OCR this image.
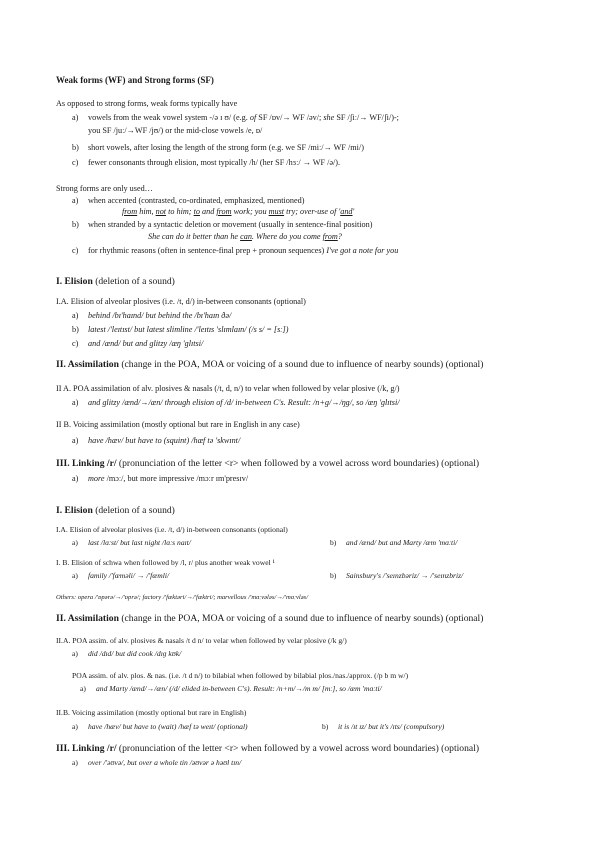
Weak forms (WF) and Strong forms (SF)
As opposed to strong forms, weak forms typically have
a) vowels from the weak vowel system -/ə ɪ ʊ/ (e.g. of SF /ɒv/→ WF /əv/; she SF /ʃiː/→ WF/ʃi/)-;
you SF /juː/→WF /jʊ/) or the mid-close vowels /e, ɒ/
b) short vowels, after losing the length of the strong form (e.g. we SF /miː/→ WF /mi/)
c) fewer consonants through elision, most typically /h/ (her SF /hɜː/ → WF /ə/).
Strong forms are only used…
a) when accented (contrasted, co-ordinated, emphasized, mentioned)
from him, not to him; to and from work; you must try; over-use of 'and'
b) when stranded by a syntactic deletion or movement (usually in sentence-final position)
She can do it better than he can. Where do you come from?
c) for rhythmic reasons (often in sentence-final prep + pronoun sequences) I've got a note for you
I. Elision (deletion of a sound)
I.A. Elision of alveolar plosives (i.e. /t, d/) in-between consonants (optional)
a) behind /bɪ'haɪnd/ but behind the /bɪ'haɪn ðə/
b) latest /'leɪtɪst/ but latest slimline /'leɪtɪs 'slɪmlaɪn/ (/s s/ = [sː])
c) and /ænd/ but and glitzy /æŋ 'ɡlɪtsi/
II. Assimilation (change in the POA, MOA or voicing of a sound due to influence of nearby sounds) (optional)
II A. POA assimilation of alv. plosives & nasals (/t, d, n/) to velar when followed by velar plosive (/k, g/)
a) and glitzy /ænd/→/æn/ through elision of /d/ in-between C's. Result: /n+g/→/ŋɡ/, so /æŋ 'ɡlɪtsi/
II B. Voicing assimilation (mostly optional but rare in English in any case)
a) have /hæv/ but have to (squint) /hæf tə 'skwɪnt/
III. Linking /r/ (pronunciation of the letter <r> when followed by a vowel across word boundaries) (optional)
a) more /mɔː/, but more impressive /mɔːr ɪm'presɪv/
I. Elision (deletion of a sound)
I.A. Elision of alveolar plosives (i.e. /t, d/) in-between consonants (optional)
a) last /lɑːst/ but last night /lɑːs naɪt/	b) and /ænd/ but and Marty /æm 'mɑːti/
I. B. Elision of schwa when followed by /l, r/ plus another weak vowel ¹
a) family /'fæməli/ → /'fæmli/	b) Sainsbury's /'seɪnzbəriz/ → /'seɪnzbriz/
Others: opera /'ɒpərə/→/'ɒprə/; factory /'fæktəri/→/'fæktri/; marvellous /'mɑːvələs/→/'mɑːvləs/
II. Assimilation (change in the POA, MOA or voicing of a sound due to influence of nearby sounds) (optional)
II.A. POA assim. of alv. plosives & nasals /t d n/ to velar when followed by velar plosive (/k g/)
a) did /dɪd/ but did cook /dɪɡ kʊk/
POA assim. of alv. plos. & nas. (i.e. /t d n/) to bilabial when followed by bilabial plos./nas./approx. (/p b m w/)
a) and Marty /ænd/→/æn/ (/d/ elided in-between C's). Result: /n+m/→/m m/ [mː], so /æm 'mɑːti/
II.B. Voicing assimilation (mostly optional but rare in English)
a) have /hæv/ but have to (wait) /hæf tə weɪt/ (optional)	b) it is /ɪt ɪz/ but it's /ɪts/ (compulsory)
III. Linking /r/ (pronunciation of the letter <r> when followed by a vowel across word boundaries) (optional)
a) over /'əʊvə/, but over a whole tin /əʊvər ə həʊl tɪn/
